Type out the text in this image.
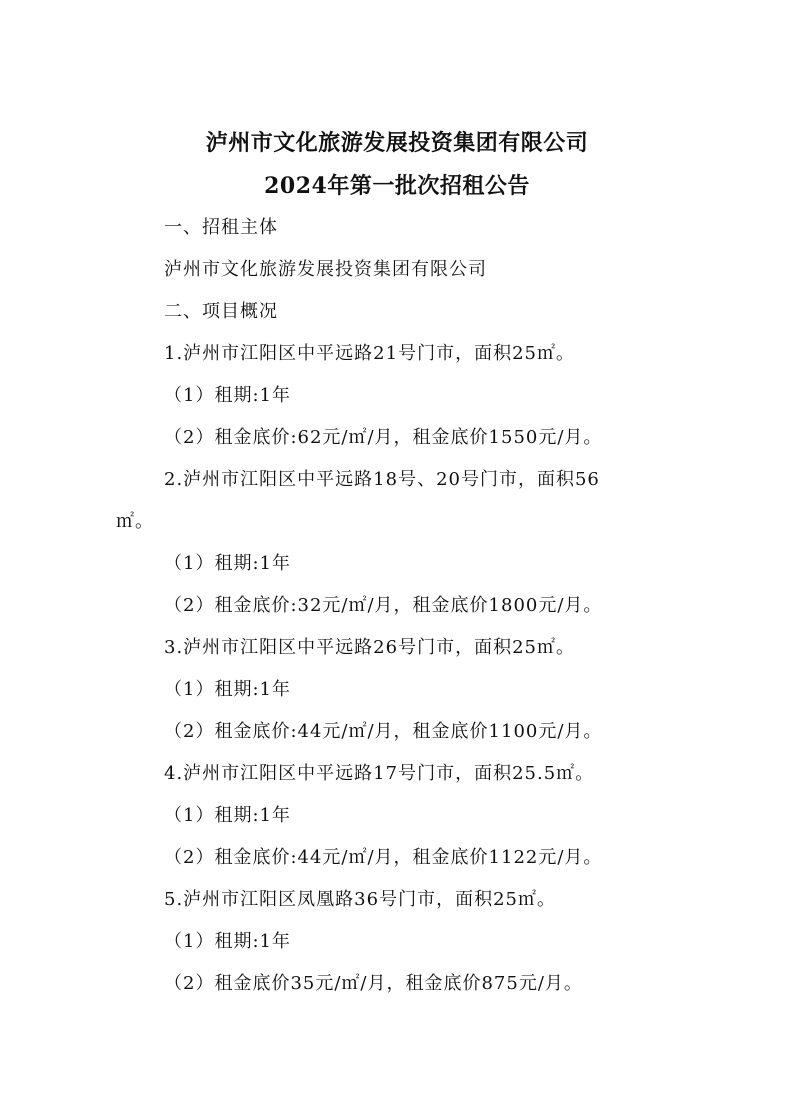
泸州市文化旅游发展投资集团有限公司
2024年第一批次招租公告
一、招租主体
泸州市文化旅游发展投资集团有限公司
二、项目概况
1.泸州市江阳区中平远路21号门市，面积25㎡。
（1）租期:1年
（2）租金底价:62元/㎡/月，租金底价1550元/月。
2.泸州市江阳区中平远路18号、20号门市，面积56
㎡。
（1）租期:1年
（2）租金底价:32元/㎡/月，租金底价1800元/月。
3.泸州市江阳区中平远路26号门市，面积25㎡。
（1）租期:1年
（2）租金底价:44元/㎡/月，租金底价1100元/月。
4.泸州市江阳区中平远路17号门市，面积25.5㎡。
（1）租期:1年
（2）租金底价:44元/㎡/月，租金底价1122元/月。
5.泸州市江阳区凤凰路36号门市，面积25㎡。
（1）租期:1年
（2）租金底价35元/㎡/月，租金底价875元/月。
